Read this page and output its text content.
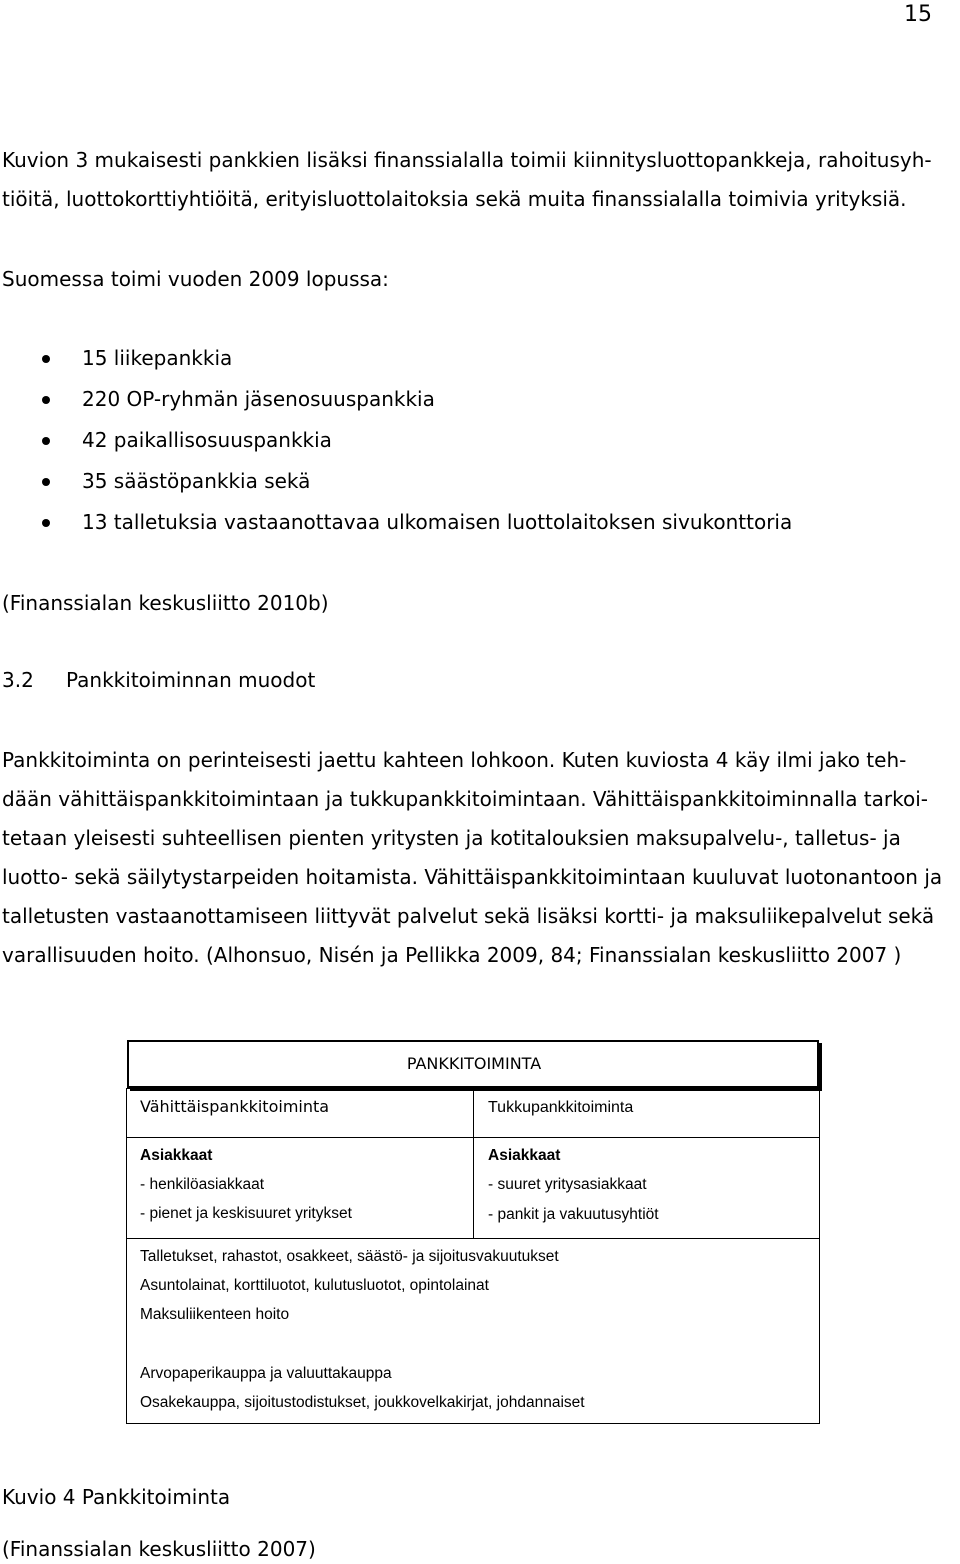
15
Kuvion 3 mukaisesti pankkien lisäksi finanssialalla toimii kiinnitysluottopankkeja, rahoitusyh-
tiöitä, luottokorttiyhtiöitä, erityisluottolaitoksia sekä muita finanssialalla toimivia yrityksiä.
Suomessa toimi vuoden 2009 lopussa:
15 liikepankkia
220 OP-ryhmän jäsenosuuspankkia
42 paikallisosuuspankkia
35 säästöpankkia sekä
13 talletuksia vastaanottavaa ulkomaisen luottolaitoksen sivukonttoria
(Finanssialan keskusliitto 2010b)
3.2 Pankkitoiminnan muodot
Pankkitoiminta on perinteisesti jaettu kahteen lohkoon. Kuten kuviosta 4 käy ilmi jako teh-
dään vähittäispankkitoimintaan ja tukkupankkitoimintaan. Vähittäispankkitoiminnalla tarkoi-
tetaan yleisesti suhteellisen pienten yritysten ja kotitalouksien maksupalvelu-, talletus- ja
luotto- sekä säilytystarpeiden hoitamista. Vähittäispankkitoimintaan kuuluvat luotonantoon ja
talletusten vastaanottamiseen liittyvät palvelut sekä lisäksi kortti- ja maksuliikepalvelut sekä
varallisuuden hoito. (Alhonsuo, Nisén ja Pellikka 2009, 84; Finanssialan keskusliitto 2007 )
PANKKITOIMINTA
Vähittäispankkitoiminta	Tukkupankkitoiminta
Asiakkaat
- henkilöasiakkaat
- pienet ja keskisuuret yritykset
Asiakkaat
- suuret yritysasiakkaat
- pankit ja vakuutusyhtiöt
Talletukset, rahastot, osakkeet, säästö- ja sijoitusvakuutukset
Asuntolainat, korttiluotot, kulutusluotot, opintolainat
Maksuliikenteen hoito
Arvopaperikauppa ja valuuttakauppa
Osakekauppa, sijoitustodistukset, joukkovelkakirjat, johdannaiset
Kuvio 4 Pankkitoiminta
(Finanssialan keskusliitto 2007)
